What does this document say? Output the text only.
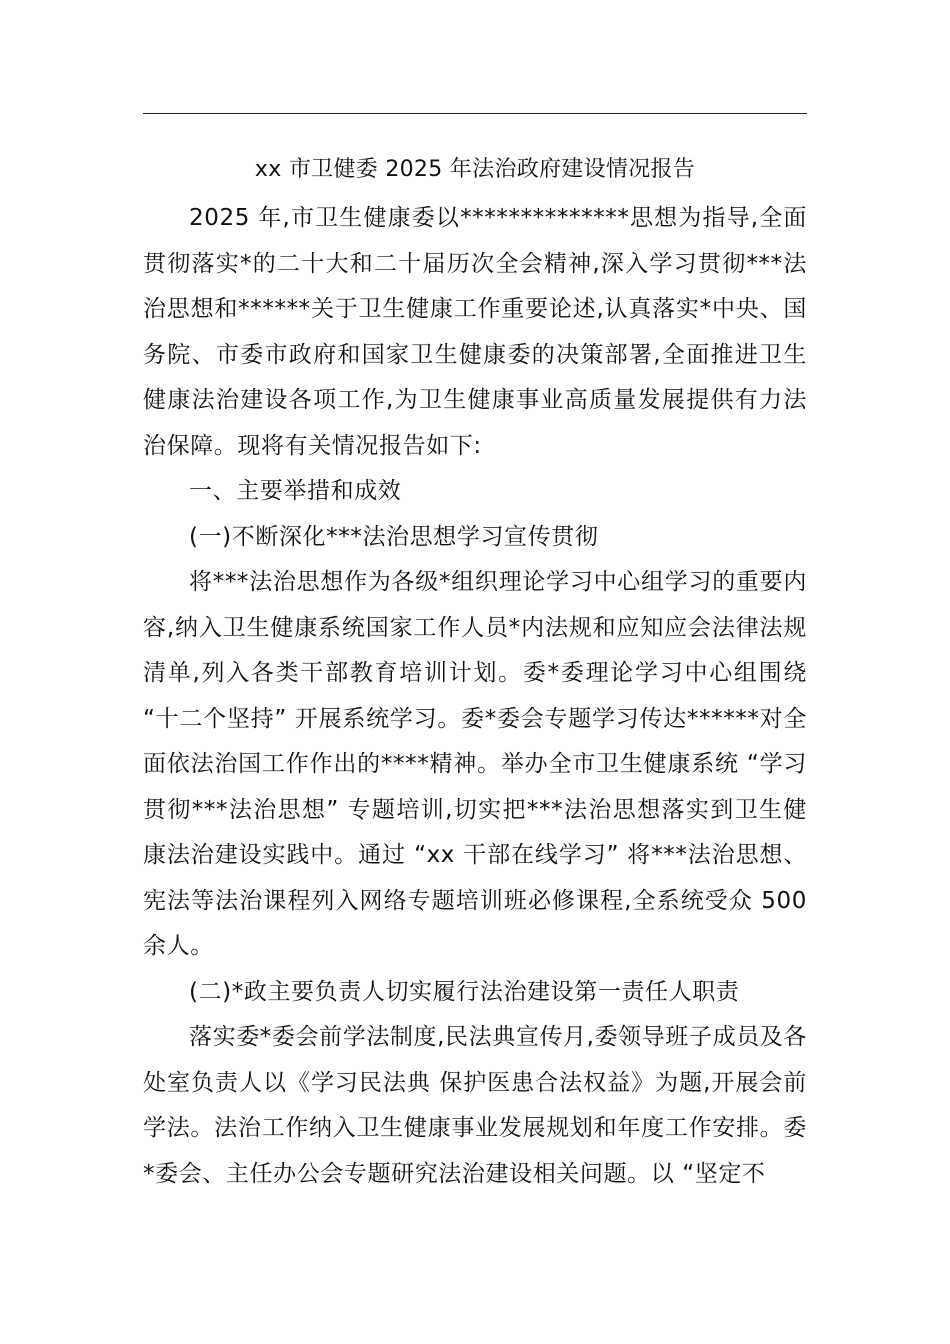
xx 市卫健委 2025 年法治政府建设情况报告

2025 年,市卫生健康委以**************思想为指导,全面贯彻落实*的二十大和二十届历次全会精神,深入学习贯彻***法治思想和******关于卫生健康工作重要论述,认真落实*中央、国务院、市委市政府和国家卫生健康委的决策部署,全面推进卫生健康法治建设各项工作,为卫生健康事业高质量发展提供有力法治保障。现将有关情况报告如下:

一、主要举措和成效

(一)不断深化***法治思想学习宣传贯彻

将***法治思想作为各级*组织理论学习中心组学习的重要内容,纳入卫生健康系统国家工作人员*内法规和应知应会法律法规清单,列入各类干部教育培训计划。委*委理论学习中心组围绕 “十二个坚持” 开展系统学习。委*委会专题学习传达******对全面依法治国工作作出的****精神。举办全市卫生健康系统 “学习贯彻***法治思想” 专题培训,切实把***法治思想落实到卫生健康法治建设实践中。通过 “xx 干部在线学习” 将***法治思想、宪法等法治课程列入网络专题培训班必修课程,全系统受众 500 余人。

(二)*政主要负责人切实履行法治建设第一责任人职责

落实委*委会前学法制度,民法典宣传月,委领导班子成员及各处室负责人以《学习民法典 保护医患合法权益》为题,开展会前学法。法治工作纳入卫生健康事业发展规划和年度工作安排。委*委会、主任办公会专题研究法治建设相关问题。以 “坚定不
